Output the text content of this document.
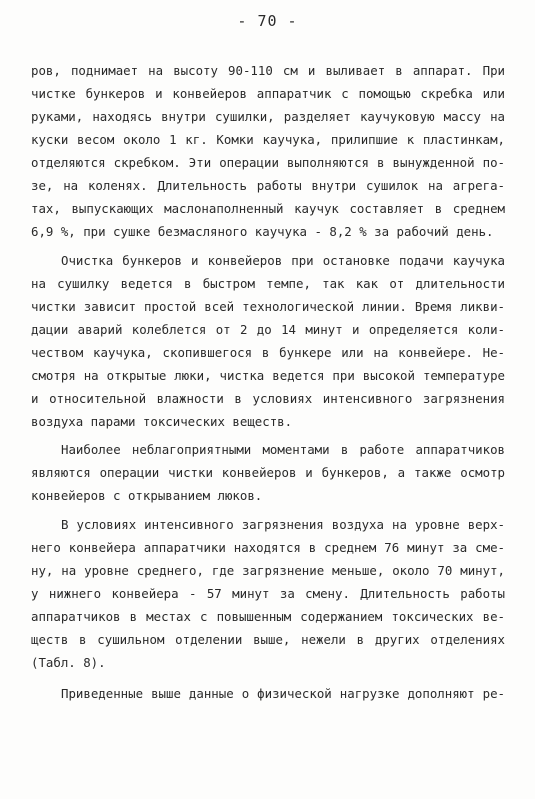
- 70 -
ров, поднимает на высоту 90-110 см и выливает в аппарат. При
чистке бункеров и конвейеров аппаратчик с помощью скребка или
руками, находясь внутри сушилки, разделяет каучуковую массу на
куски весом около 1 кг. Комки каучука, прилипшие к пластинкам,
отделяются скребком. Эти операции выполняются в вынужденной по-
зе, на коленях. Длительность работы внутри сушилок на агрега-
тах, выпускающих маслонаполненный каучук составляет в среднем
6,9 %, при сушке безмасляного каучука - 8,2 % за рабочий день.
Очистка бункеров и конвейеров при остановке подачи каучука
на сушилку ведется в быстром темпе, так как от длительности
чистки зависит простой всей технологической линии. Время ликви-
дации аварий колеблется от 2 до 14 минут и определяется коли-
чеством каучука, скопившегося в бункере или на конвейере. Не-
смотря на открытые люки, чистка ведется при высокой температуре
и относительной влажности в условиях интенсивного загрязнения
воздуха парами токсических веществ.
Наиболее неблагоприятными моментами в работе аппаратчиков
являются операции чистки конвейеров и бункеров, а также осмотр
конвейеров с открыванием люков.
В условиях интенсивного загрязнения воздуха на уровне верх-
него конвейера аппаратчики находятся в среднем 76 минут за сме-
ну, на уровне среднего, где загрязнение меньше, около 70 минут,
у нижнего конвейера - 57 минут за смену. Длительность работы
аппаратчиков в местах с повышенным содержанием токсических ве-
ществ в сушильном отделении выше, нежели в других отделениях
(Табл. 8).
Приведенные выше данные о физической нагрузке дополняют ре-
